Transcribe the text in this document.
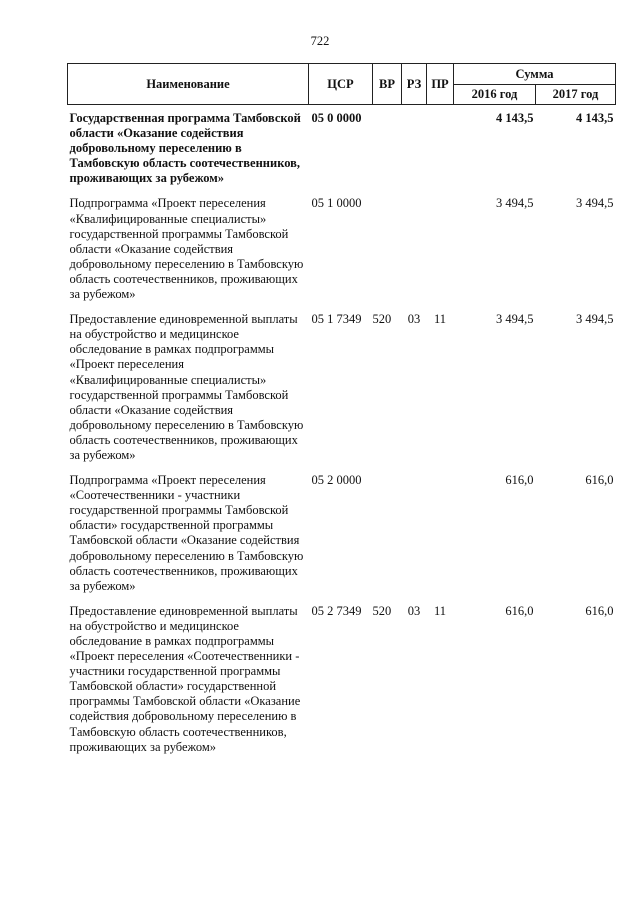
722
Наименование	ЦСР	ВР	РЗ	ПР	Сумма	
					2016 год	2017 год
Государственная программа Тамбовской области «Оказание содействия добровольному переселению в Тамбовскую область соотечественников, проживающих за рубежом»	05 0 0000				4 143,5	4 143,5
Подпрограмма «Проект переселения «Квалифицированные специалисты» государственной программы Тамбовской области «Оказание содействия добровольному переселению в Тамбовскую область соотечественников, проживающих за рубежом»	05 1 0000				3 494,5	3 494,5
Предоставление единовременной выплаты на обустройство и медицинское обследование в рамках подпрограммы «Проект переселения «Квалифицированные специалисты» государственной программы Тамбовской области «Оказание содействия добровольному переселению в Тамбовскую область соотечественников, проживающих за рубежом»	05 1 7349	520	03	11	3 494,5	3 494,5
Подпрограмма «Проект переселения «Соотечественники - участники государственной программы Тамбовской области» государственной программы Тамбовской области «Оказание содействия добровольному переселению в Тамбовскую область соотечественников, проживающих за рубежом»	05 2 0000				616,0	616,0
Предоставление единовременной выплаты на обустройство и медицинское обследование в рамках подпрограммы «Проект переселения «Соотечественники - участники государственной программы Тамбовской области» государственной программы Тамбовской области «Оказание содействия добровольному переселению в Тамбовскую область соотечественников, проживающих за рубежом»	05 2 7349	520	03	11	616,0	616,0
